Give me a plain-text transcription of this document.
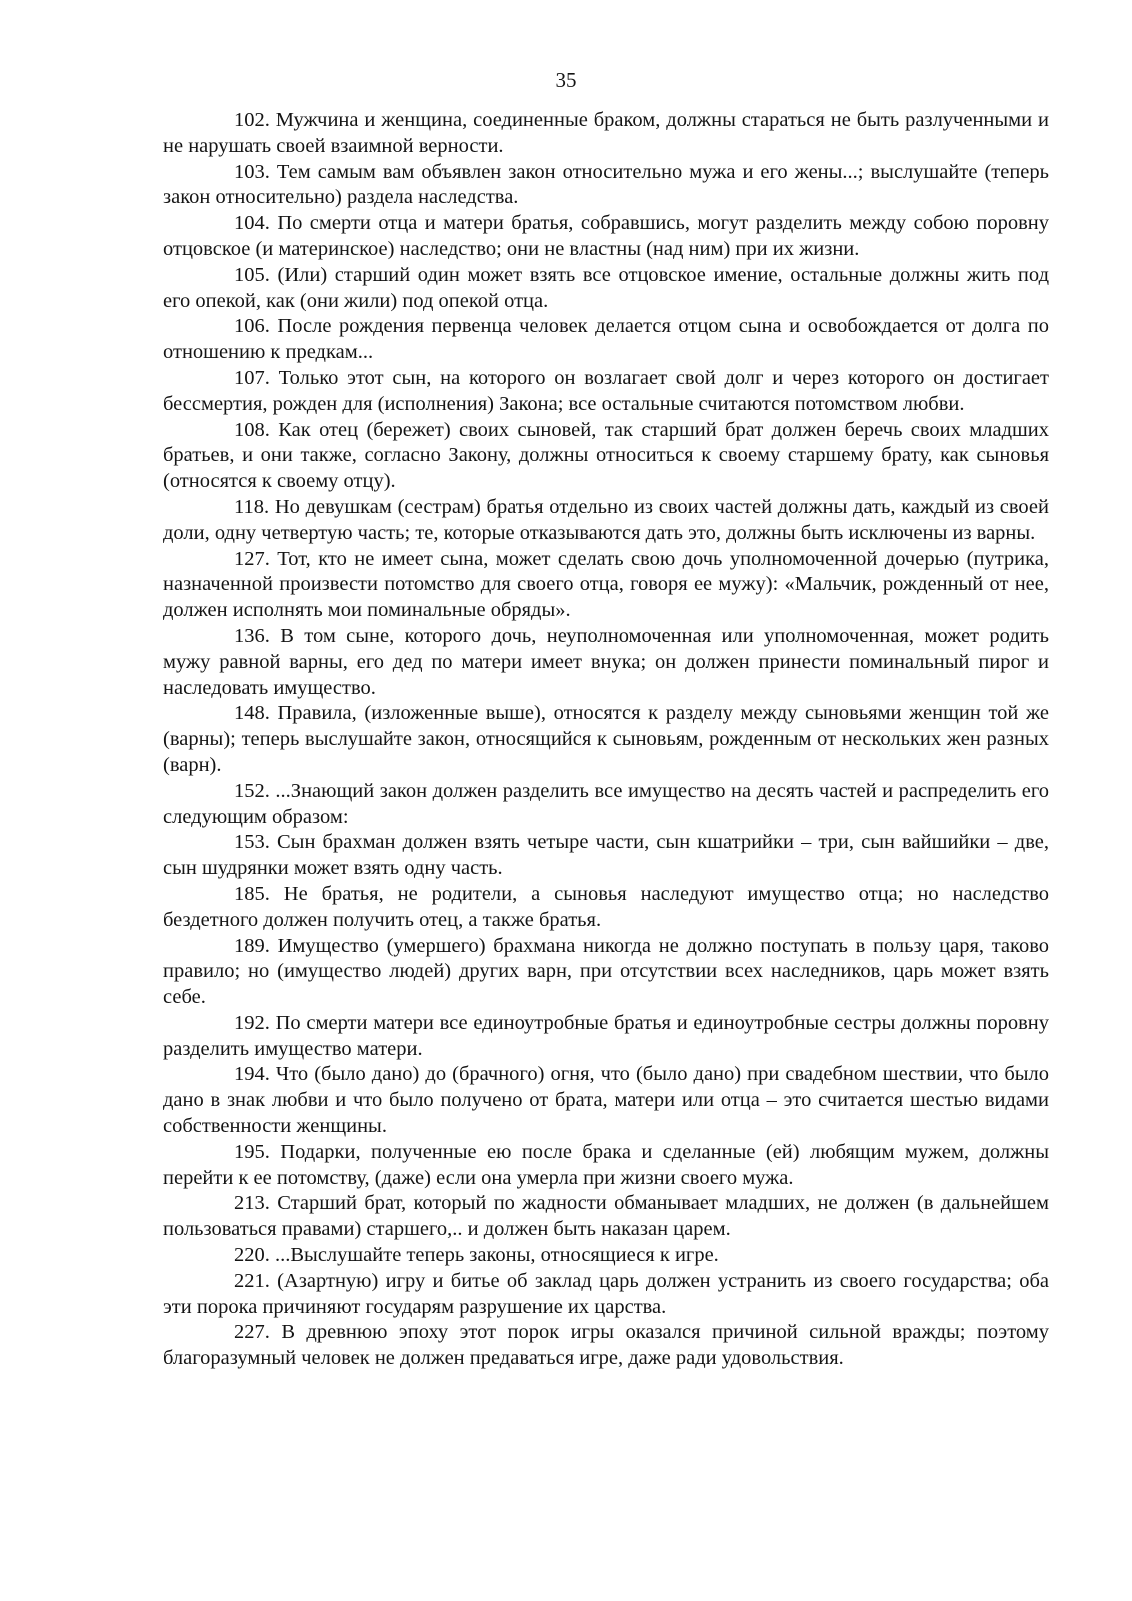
35

102. Мужчина и женщина, соединенные браком, должны стараться не быть разлученными и не нарушать своей взаимной верности.

103. Тем самым вам объявлен закон относительно мужа и его жены...; выслушайте (теперь закон относительно) раздела наследства.

104. По смерти отца и матери братья, собравшись, могут разделить между собою поровну отцовское (и материнское) наследство; они не властны (над ним) при их жизни.

105. (Или) старший один может взять все отцовское имение, остальные должны жить под его опекой, как (они жили) под опекой отца.

106. После рождения первенца человек делается отцом сына и освобождается от долга по отношению к предкам...

107. Только этот сын, на которого он возлагает свой долг и через которого он достигает бессмертия, рожден для (исполнения) Закона; все остальные считаются потомством любви.

108. Как отец (бережет) своих сыновей, так старший брат должен беречь своих младших братьев, и они также, согласно Закону, должны относиться к своему старшему брату, как сыновья (относятся к своему отцу).

118. Но девушкам (сестрам) братья отдельно из своих частей должны дать, каждый из своей доли, одну четвертую часть; те, которые отказываются дать это, должны быть исключены из варны.

127. Тот, кто не имеет сына, может сделать свою дочь уполномоченной дочерью (путрика, назначенной произвести потомство для своего отца, говоря ее мужу): «Мальчик, рожденный от нее, должен исполнять мои поминальные обряды».

136. В том сыне, которого дочь, неуполномоченная или уполномоченная, может родить мужу равной варны, его дед по матери имеет внука; он должен принести поминальный пирог и наследовать имущество.

148. Правила, (изложенные выше), относятся к разделу между сыновьями женщин той же (варны); теперь выслушайте закон, относящийся к сыновьям, рожденным от нескольких жен разных (варн).

152. ...Знающий закон должен разделить все имущество на десять частей и распределить его следующим образом:

153. Сын брахман должен взять четыре части, сын кшатрийки – три, сын вайшийки – две, сын шудрянки может взять одну часть.

185. Не братья, не родители, а сыновья наследуют имущество отца; но наследство бездетного должен получить отец, а также братья.

189. Имущество (умершего) брахмана никогда не должно поступать в пользу царя, таково правило; но (имущество людей) других варн, при отсутствии всех наследников, царь может взять себе.

192. По смерти матери все единоутробные братья и единоутробные сестры должны поровну разделить имущество матери.

194. Что (было дано) до (брачного) огня, что (было дано) при свадебном шествии, что было дано в знак любви и что было получено от брата, матери или отца – это считается шестью видами собственности женщины.

195. Подарки, полученные ею после брака и сделанные (ей) любящим мужем, должны перейти к ее потомству, (даже) если она умерла при жизни своего мужа.

213. Старший брат, который по жадности обманывает младших, не должен (в дальнейшем пользоваться правами) старшего,.. и должен быть наказан царем.

220. ...Выслушайте теперь законы, относящиеся к игре.

221. (Азартную) игру и битье об заклад царь должен устранить из своего государства; оба эти порока причиняют государям разрушение их царства.

227. В древнюю эпоху этот порок игры оказался причиной сильной вражды; поэтому благоразумный человек не должен предаваться игре, даже ради удовольствия.
